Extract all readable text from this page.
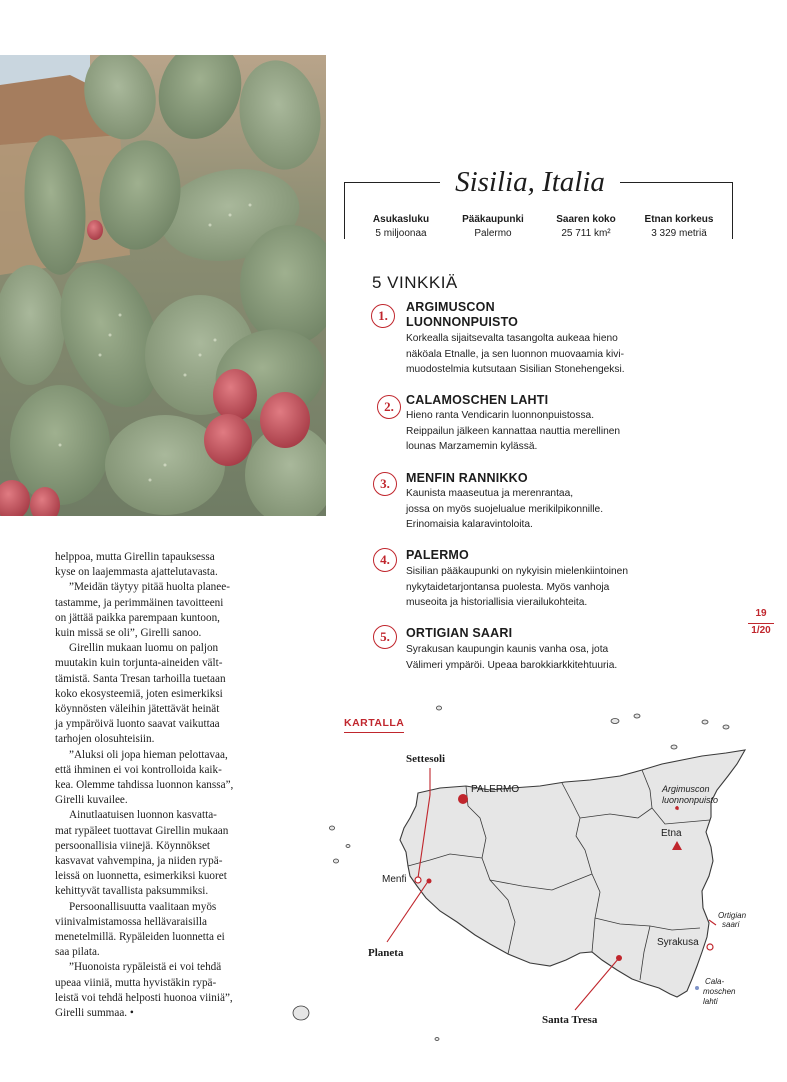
Sisilia, Italia
Asukasluku
5 miljoonaa
Pääkaupunki
Palermo
Saaren koko
25 711 km²
Etnan korkeus
3 329 metriä
5 VINKKIÄ
1.
ARGIMUSCON
LUONNONPUISTO
Korkealla sijaitsevalta tasangolta aukeaa hieno
näköala Etnalle, ja sen luonnon muovaamia kivi-
muodostelmia kutsutaan Sisilian Stonehengeksi.
2. CALAMOSCHEN LAHTI
Hieno ranta Vendicarin luonnonpuistossa.
Reippailun jälkeen kannattaa nauttia merellinen
lounas Marzamemin kylässä.
3.	MENFIN RANNIKKO
Kaunista maaseutua ja merenrantaa,
jossa on myös suojelualue merikilpikonnille.
Erinomaisia kalaravintoloita.
4.	PALERMO
Sisilian pääkaupunki on nykyisin mielenkiintoinen
nykytaidetarjontansa puolesta. Myös vanhoja
museoita ja historiallisia vierailukohteita.
5.	ORTIGIAN SAARI
Syrakusan kaupungin kaunis vanha osa, jota
Välimeri ympäröi. Upeaa barokkiarkkitehtuuria.
19
1/20

helppoa, mutta Girellin tapauksessa
kyse on laajemmasta ajattelutavasta.

”Meidän täytyy pitää huolta planee-
tastamme, ja perimmäinen tavoitteeni
on jättää paikka parempaan kuntoon,
kuin missä se oli”, Girelli sanoo.

Girellin mukaan luomu on paljon
muutakin kuin torjunta-aineiden vält-
tämistä. Santa Tresan tarhoilla tuetaan
koko ekosysteemiä, joten esimerkiksi
köynnösten väleihin jätettävät heinät
ja ympäröivä luonto saavat vaikuttaa
tarhojen olosuhteisiin.

”Aluksi oli jopa hieman pelottavaa,
että ihminen ei voi kontrolloida kaik-
kea. Olemme tahdissa luonnon kanssa”,
Girelli kuvailee.

Ainutlaatuisen luonnon kasvatta-
mat rypäleet tuottavat Girellin mukaan
persoonallisia viinejä. Köynnökset
kasvavat vahvempina, ja niiden rypä-
leissä on luonnetta, esimerkiksi kuoret
kehittyvät tavallista paksummiksi.

Persoonallisuutta vaalitaan myös
viinivalmistamossa hellävaraisilla
menetelmillä. Rypäleiden luonnetta ei
saa pilata.

”Huonoista rypäleistä ei voi tehdä
upeaa viiniä, mutta hyvistäkin rypä-
leistä voi tehdä helposti huonoa viiniä”,
Girelli summaa. •

Settesoli
PALERMO	Argimuscon
luonnonpuisto
Etna
Menfi
Planeta
Ortigian
saari
Syrakusa
Cala-
moschen
lahti
Santa Tresa
KARTALLA
